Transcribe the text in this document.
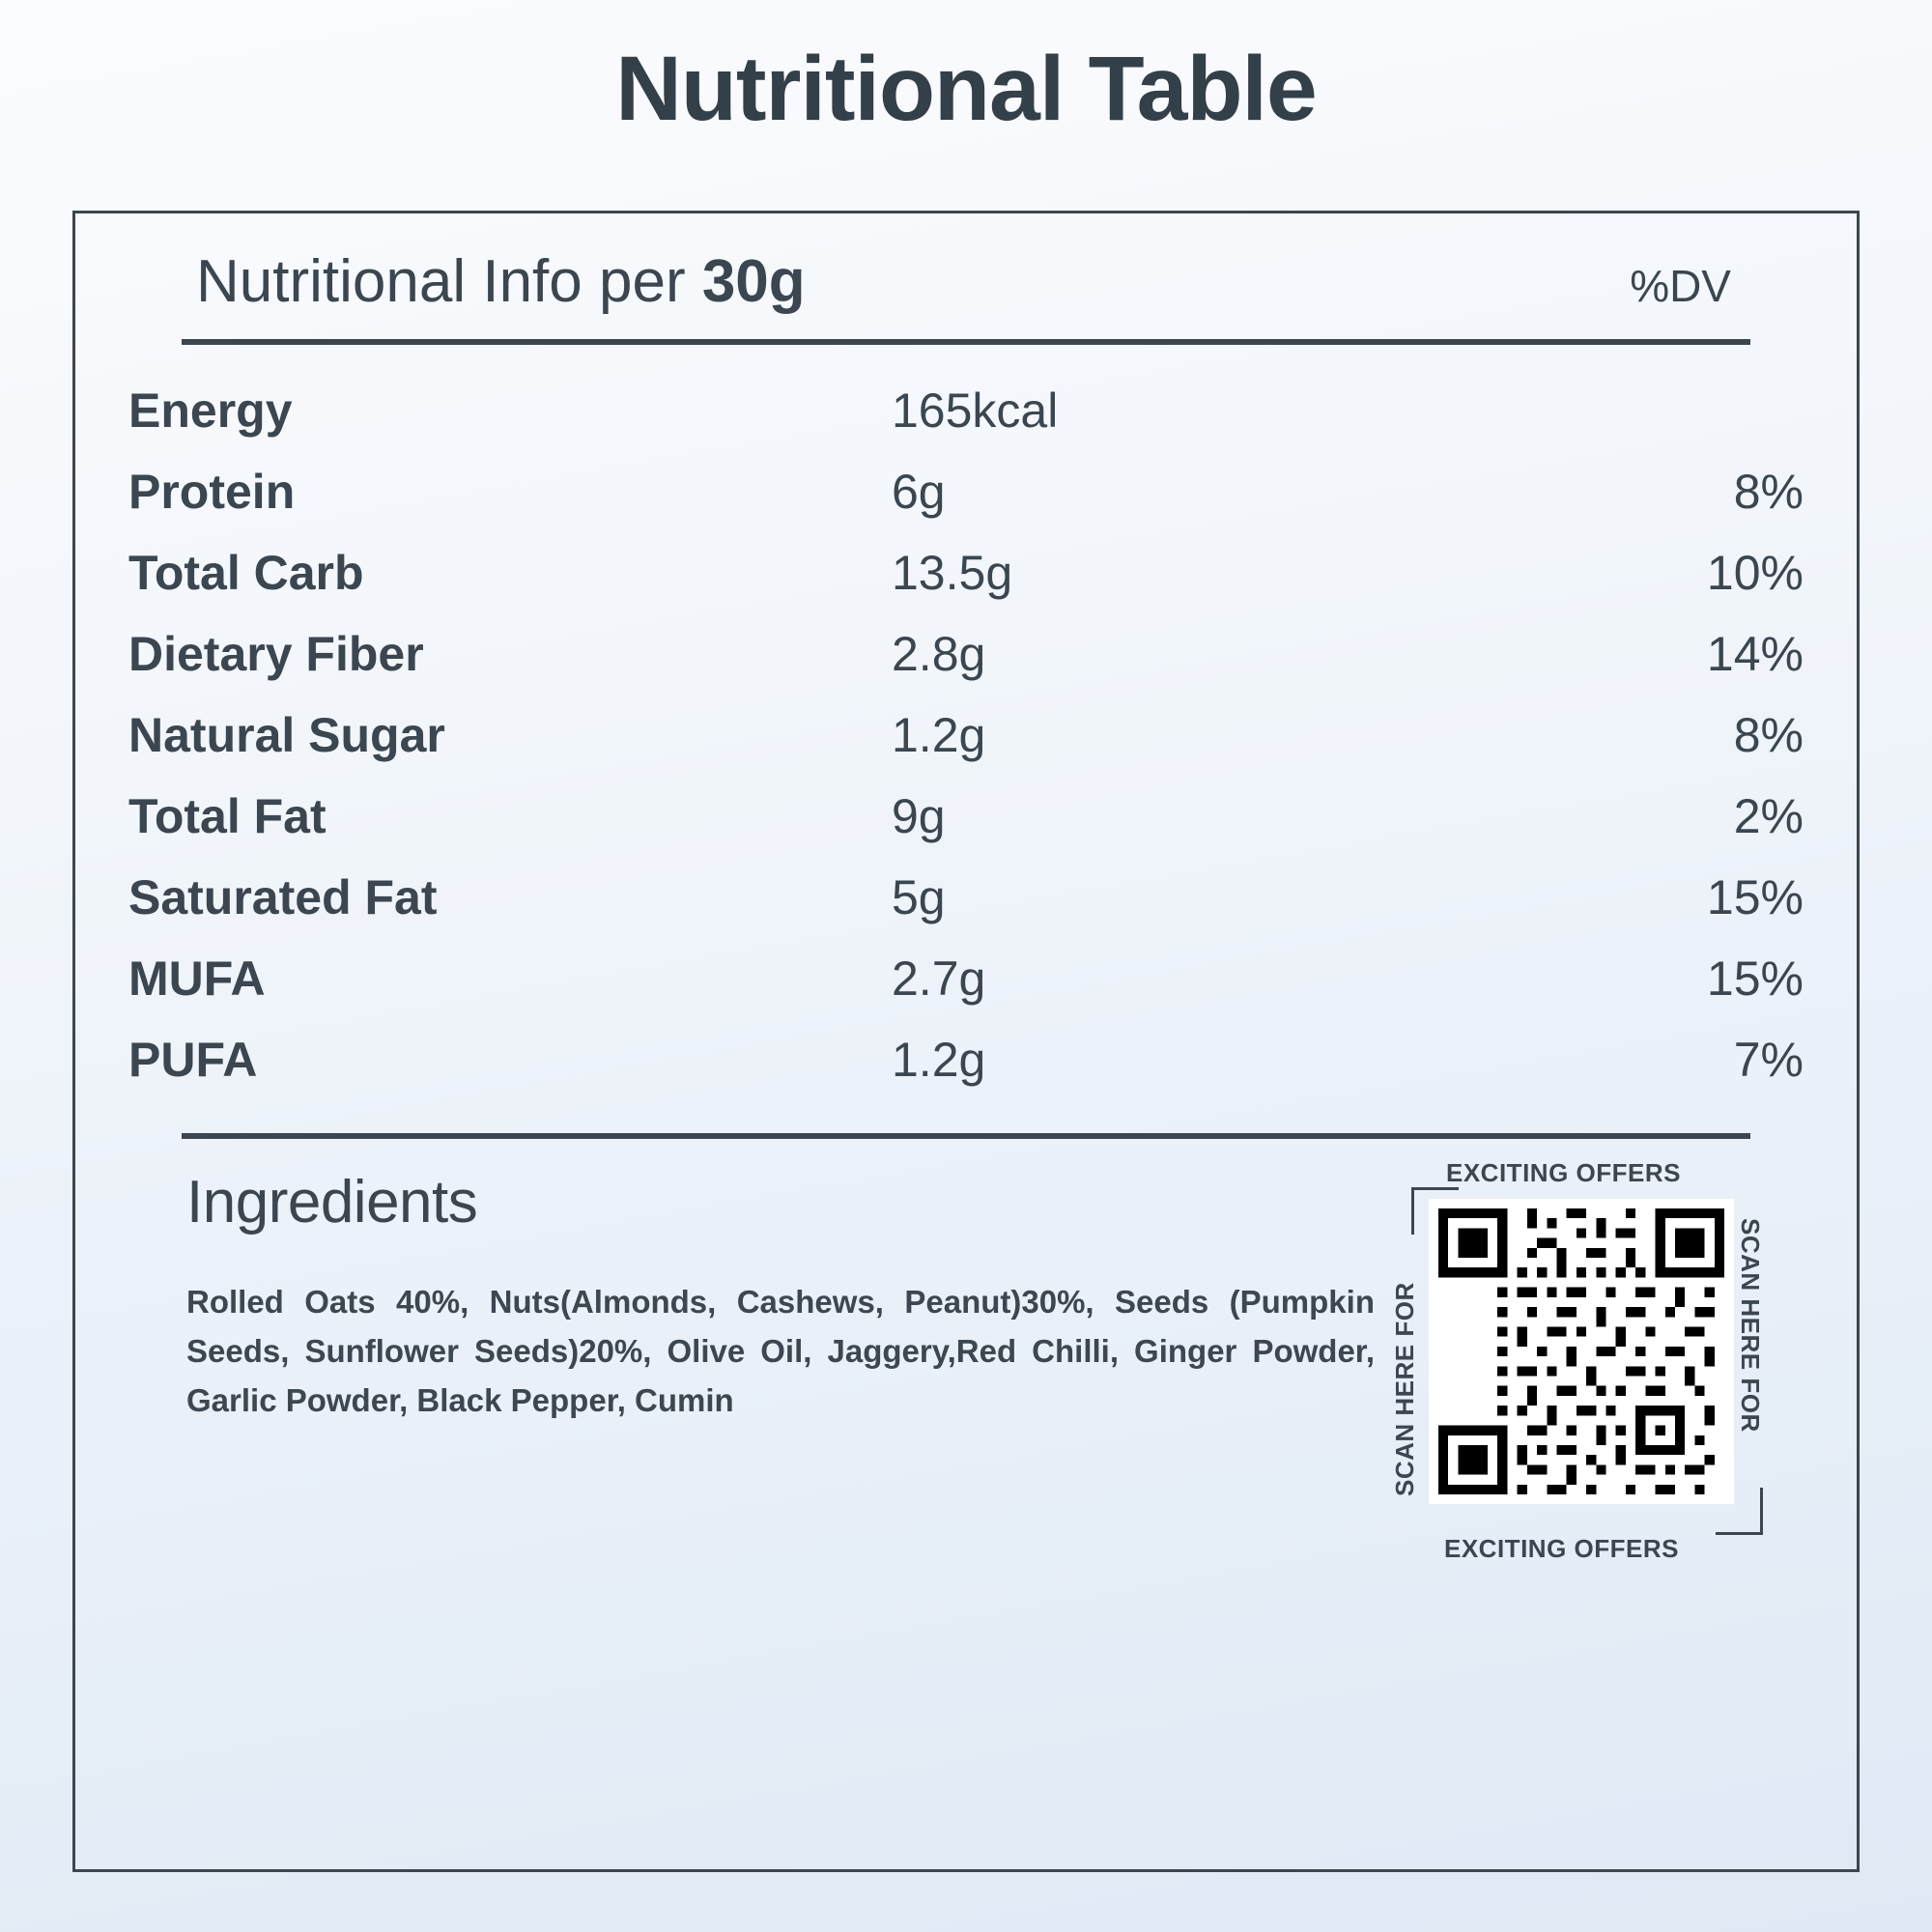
Nutritional Table
Nutritional Info per 30g	%DV
Energy	165kcal	
Protein	6g	8%
Total Carb	13.5g	10%
Dietary Fiber	2.8g	14%
Natural Sugar	1.2g	8%
Total Fat	9g	2%
Saturated Fat	5g	15%
MUFA	2.7g	15%
PUFA	1.2g	7%
Ingredients
Rolled Oats 40%, Nuts(Almonds, Cashews, Peanut)30%, Seeds (Pumpkin Seeds, Sunflower Seeds)20%, Olive Oil, Jaggery,Red Chilli, Ginger Powder, Garlic Powder, Black Pepper, Cumin
EXCITING OFFERS
EXCITING OFFERS
SCAN HERE FOR	SCAN HERE FOR
